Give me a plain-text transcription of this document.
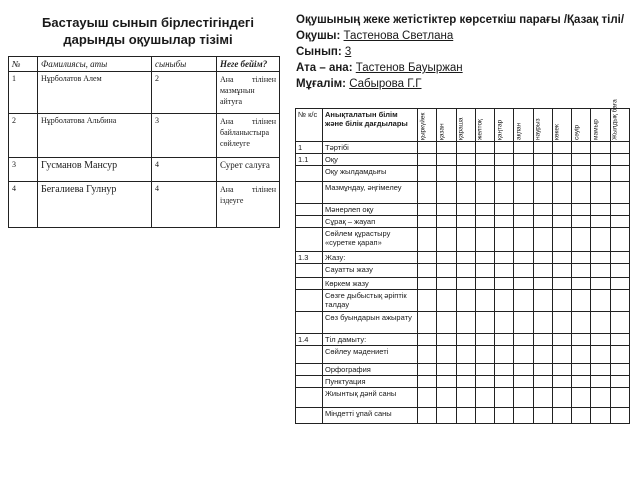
Бастауыш сынып бірлестігіндегі дарынды оқушылар тізімі
№	Фамилиясы, аты	сыныбы	Неге бейім?
1	Нұрболатов Алем	2	Ана тілінен мазмұнын айтуға
2	Нұрболатова Альбина	3	Ана тілінен байланыстыра сөйлеуге
3	Гусманов Мансур	4	Сурет салуға
4	Бегалиева Гулнур	4	Ана тілінен іздеуге
Оқушының жеке жетістіктер көрсеткіш парағы /Қазақ тілі/
Оқушы: Тастенова Светлана
Сынып: 3
Ата – ана: Тастенов Бауыржан
Мұғалім: Сабырова Г.Г
№ к/с	Анықталатын білім және білік дағдылары	қыркүйек	қазан	қараша	желтоқ	қаңтар	ақпан	наурыз	көкек	сәуір	мамыр	Жылдық баға
1	Тәртібі											
1.1	Оқу											
	Оқу жылдамдығы											
	Мазмұндау, әңгімелеу											
	Мәнерлеп оқу											
	Сұрақ – жауап											
	Сөйлем құрастыру «суретке қарап»											
1.3	Жазу:											
	Сауатты жазу											
	Көркем жазу											
	Сөзге дыбыстық әріптік талдау											
	Сөз буындарын ажырату											
1.4	Тіл дамыту:											
	Сөйлеу мәдениеті											
	Орфография											
	Пунктуация											
	Жиынтық дәнй саны											
	Міндетті ұпай саны											
